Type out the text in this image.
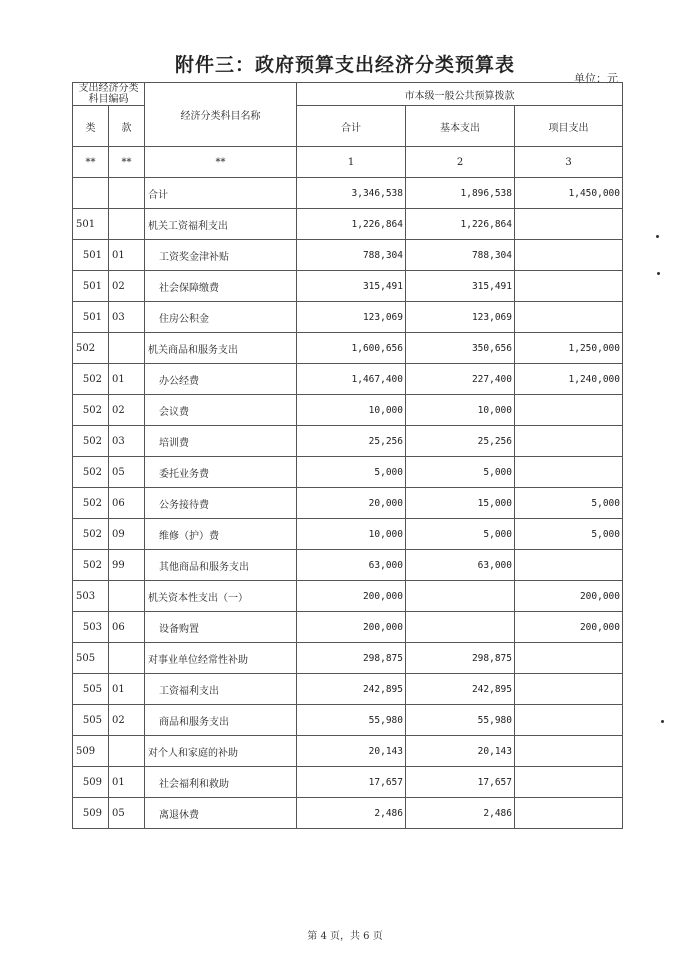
附件三：政府预算支出经济分类预算表
单位：元
支出经济分类科目编码		经济分类科目名称	市本级一般公共预算拨款		
类	款		合计	基本支出	项目支出
**	**	**	1	2	3
		合计	3,346,538	1,896,538	1,450,000
501		机关工资福利支出	1,226,864	1,226,864	
501	01	工资奖金津补贴	788,304	788,304	
501	02	社会保障缴费	315,491	315,491	
501	03	住房公积金	123,069	123,069	
502		机关商品和服务支出	1,600,656	350,656	1,250,000
502	01	办公经费	1,467,400	227,400	1,240,000
502	02	会议费	10,000	10,000	
502	03	培训费	25,256	25,256	
502	05	委托业务费	5,000	5,000	
502	06	公务接待费	20,000	15,000	5,000
502	09	维修（护）费	10,000	5,000	5,000
502	99	其他商品和服务支出	63,000	63,000	
503		机关资本性支出（一）	200,000		200,000
503	06	设备购置	200,000		200,000
505		对事业单位经常性补助	298,875	298,875	
505	01	工资福利支出	242,895	242,895	
505	02	商品和服务支出	55,980	55,980	
509		对个人和家庭的补助	20,143	20,143	
509	01	社会福利和救助	17,657	17,657	
509	05	离退休费	2,486	2,486	
第 4 页，共 6 页
